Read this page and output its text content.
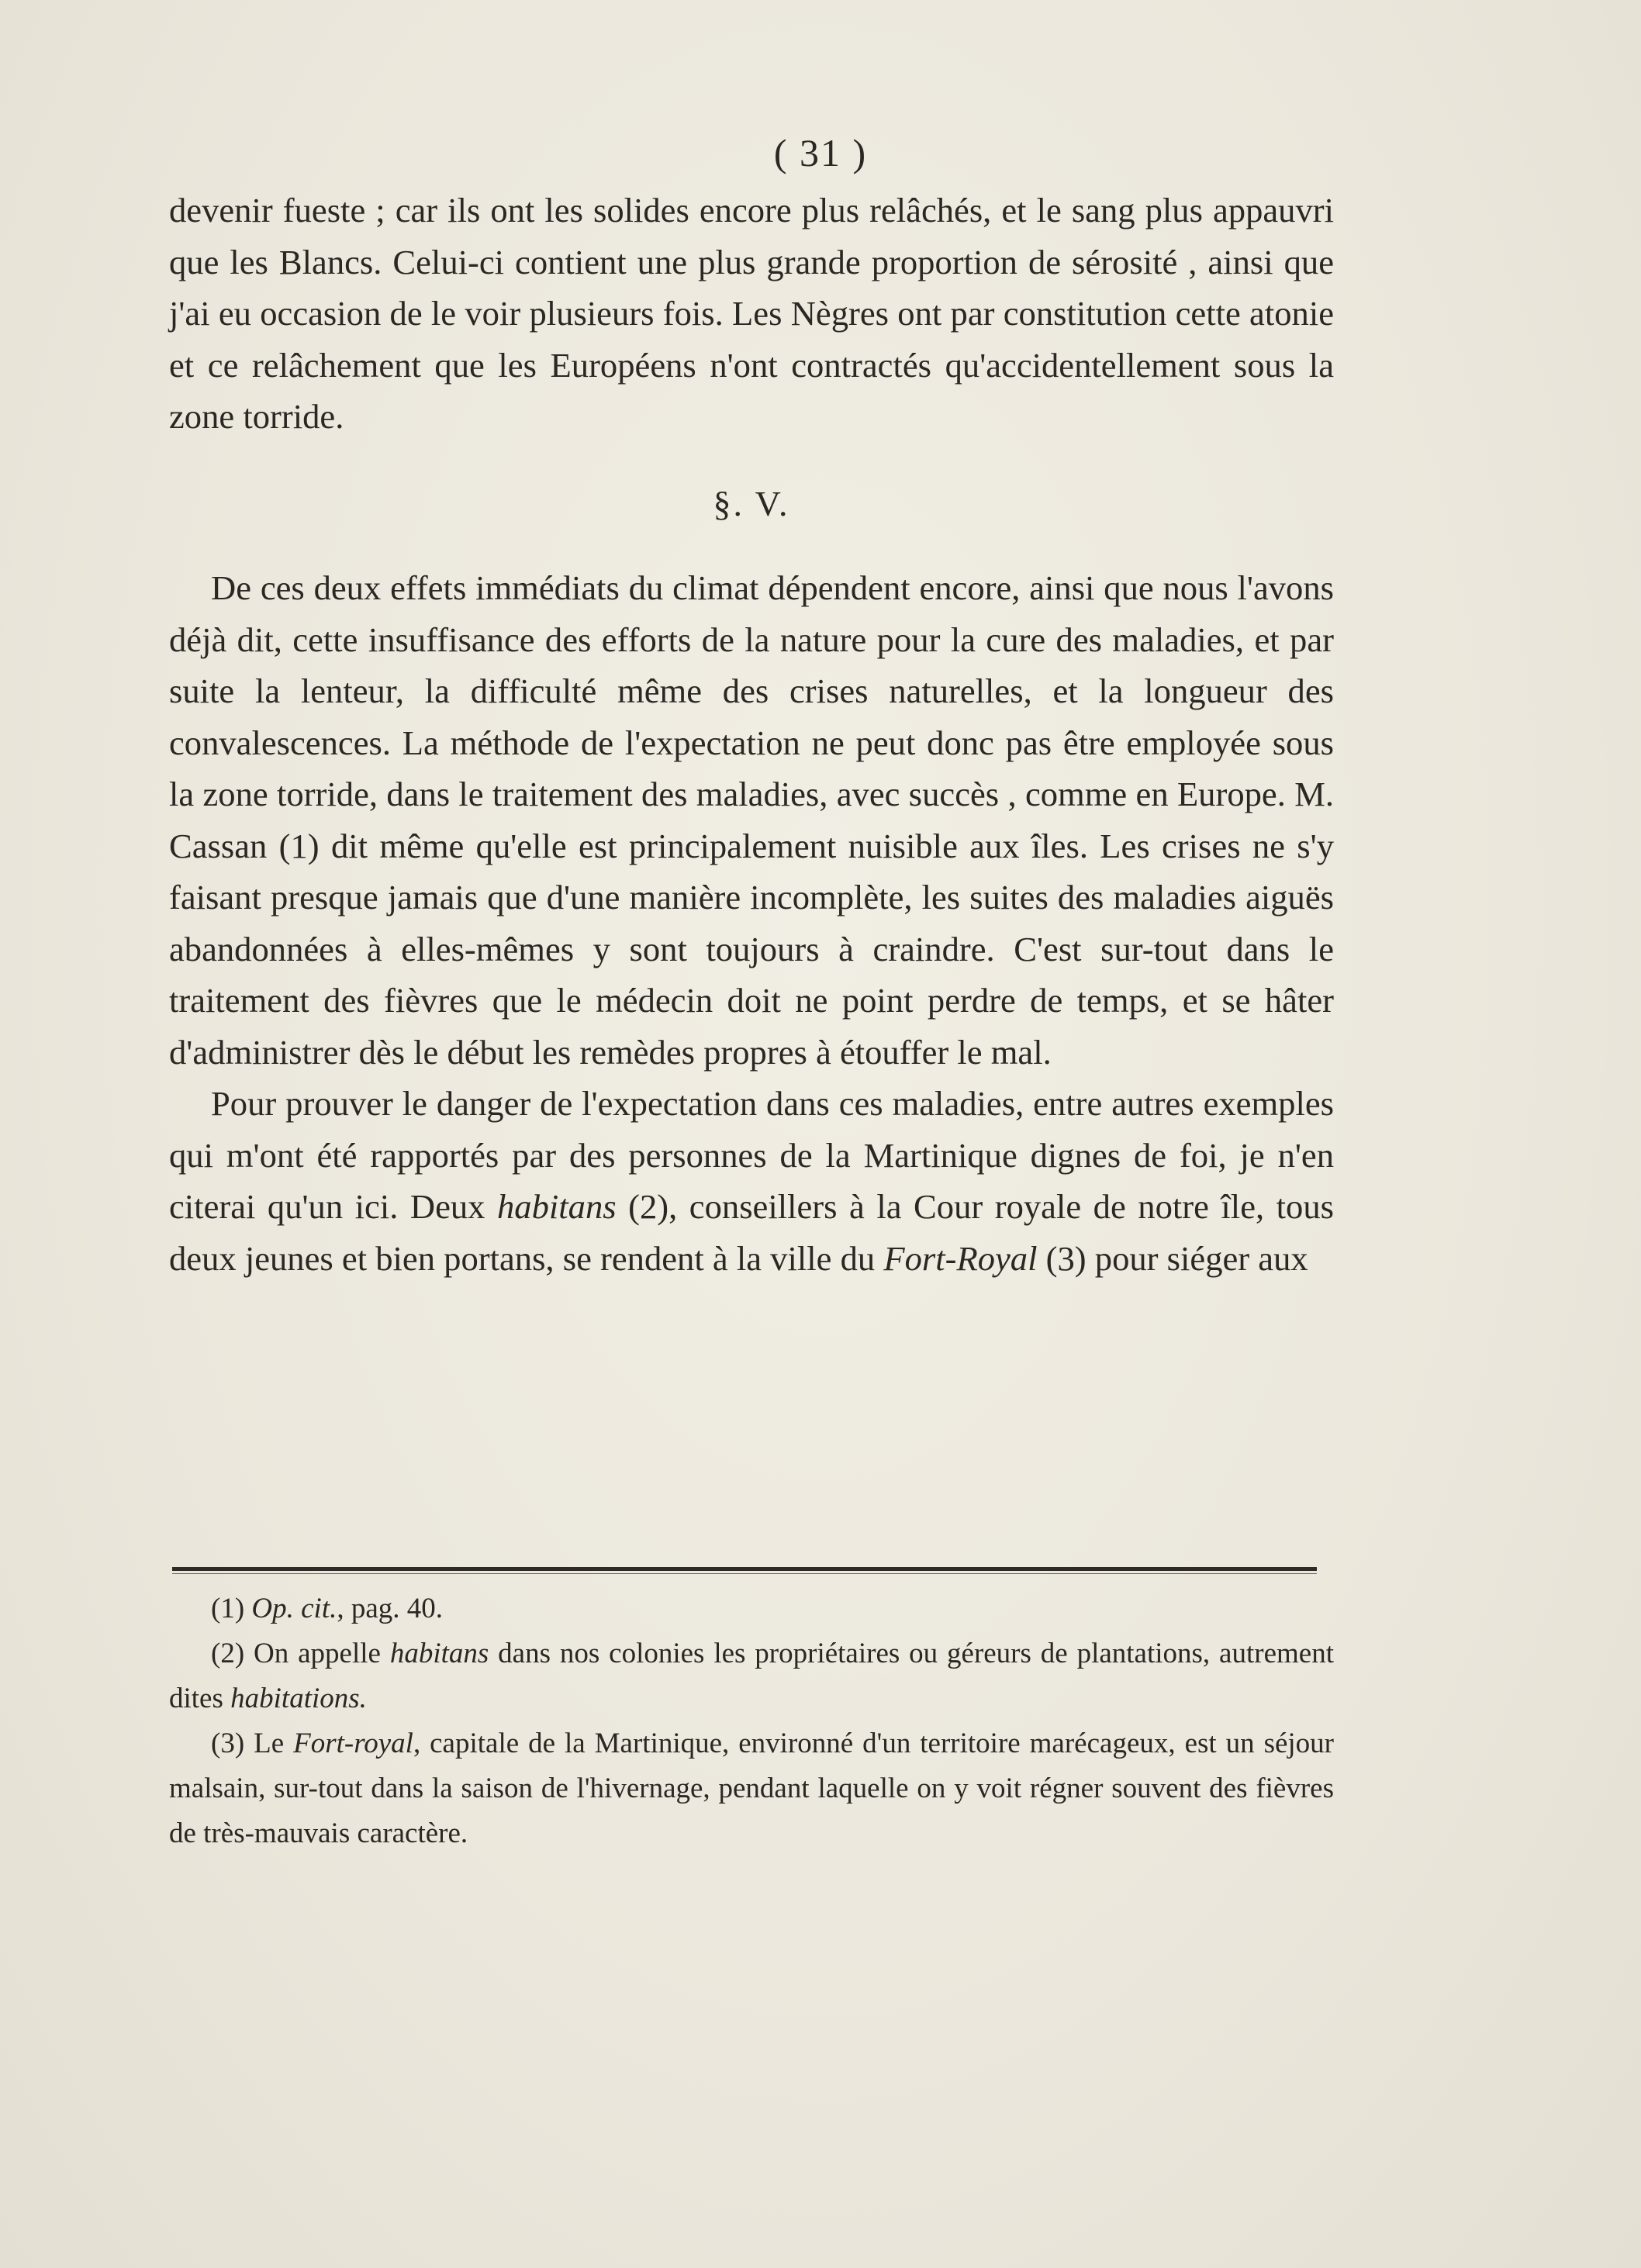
( 31 )

devenir fueste ; car ils ont les solides encore plus relâchés, et le sang plus appauvri que les Blancs. Celui-ci contient une plus grande proportion de sérosité , ainsi que j'ai eu occasion de le voir plusieurs fois. Les Nègres ont par constitution cette atonie et ce relâchement que les Européens n'ont contractés qu'accidentellement sous la zone torride.

§. V.

De ces deux effets immédiats du climat dépendent encore, ainsi que nous l'avons déjà dit, cette insuffisance des efforts de la nature pour la cure des maladies, et par suite la lenteur, la difficulté même des crises naturelles, et la longueur des convalescences. La méthode de l'expectation ne peut donc pas être employée sous la zone torride, dans le traitement des maladies, avec succès , comme en Europe. M. Cassan (1) dit même qu'elle est principalement nuisible aux îles. Les crises ne s'y faisant presque jamais que d'une manière incomplète, les suites des maladies aiguës abandonnées à elles-mêmes y sont toujours à craindre. C'est sur-tout dans le traitement des fièvres que le médecin doit ne point perdre de temps, et se hâter d'administrer dès le début les remèdes propres à étouffer le mal.

Pour prouver le danger de l'expectation dans ces maladies, entre autres exemples qui m'ont été rapportés par des personnes de la Martinique dignes de foi, je n'en citerai qu'un ici. Deux habitans (2), conseillers à la Cour royale de notre île, tous deux jeunes et bien portans, se rendent à la ville du Fort-Royal (3) pour siéger aux

(1) Op. cit., pag. 40.

(2) On appelle habitans dans nos colonies les propriétaires ou géreurs de plantations, autrement dites habitations.

(3) Le Fort-royal, capitale de la Martinique, environné d'un territoire marécageux, est un séjour malsain, sur-tout dans la saison de l'hivernage, pendant laquelle on y voit régner souvent des fièvres de très-mauvais caractère.
